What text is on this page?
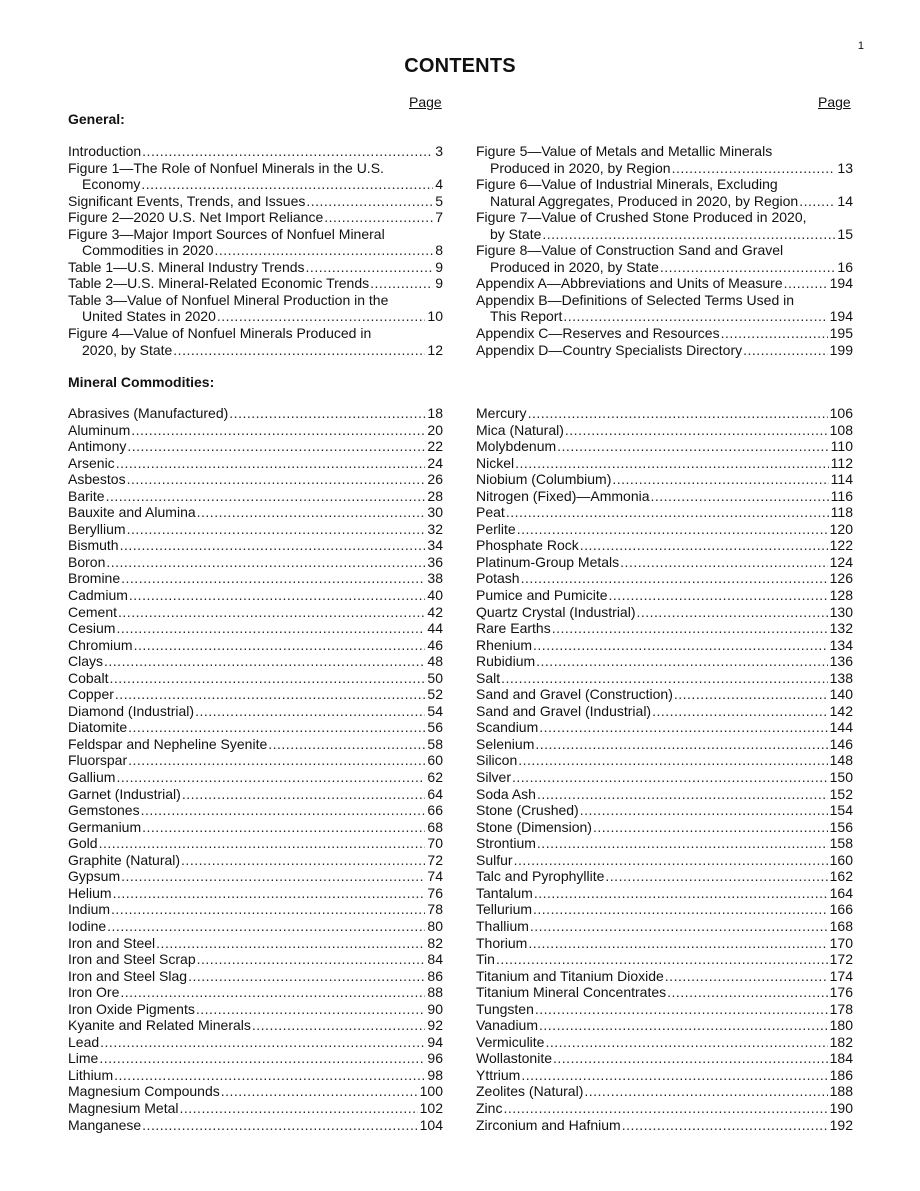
1
CONTENTS
Page	Page
General:
Introduction .....	3
Figure 1—The Role of Nonfuel Minerals in the U.S.
Economy .....	4
Significant Events, Trends, and Issues .....	5
Figure 2—2020 U.S. Net Import Reliance .....	7
Figure 3—Major Import Sources of Nonfuel Mineral
Commodities in 2020 .....	8
Table 1—U.S. Mineral Industry Trends .....	9
Table 2—U.S. Mineral-Related Economic Trends .....	9
Table 3—Value of Nonfuel Mineral Production in the
United States in 2020 .....	10
Figure 4—Value of Nonfuel Minerals Produced in
2020, by State .....	12
Figure 5—Value of Metals and Metallic Minerals
Produced in 2020, by Region .....	13
Figure 6—Value of Industrial Minerals, Excluding
Natural Aggregates, Produced in 2020, by Region .....	14
Figure 7—Value of Crushed Stone Produced in 2020,
by State .....	15
Figure 8—Value of Construction Sand and Gravel
Produced in 2020, by State .....	16
Appendix A—Abbreviations and Units of Measure .....	194
Appendix B—Definitions of Selected Terms Used in
This Report .....	194
Appendix C—Reserves and Resources .....	195
Appendix D—Country Specialists Directory .....	199
Mineral Commodities:
Abrasives (Manufactured) .....	18
Aluminum .....	20
Antimony .....	22
Arsenic .....	24
Asbestos .....	26
Barite .....	28
Bauxite and Alumina .....	30
Beryllium .....	32
Bismuth .....	34
Boron .....	36
Bromine .....	38
Cadmium .....	40
Cement .....	42
Cesium .....	44
Chromium .....	46
Clays .....	48
Cobalt .....	50
Copper .....	52
Diamond (Industrial) .....	54
Diatomite .....	56
Feldspar and Nepheline Syenite .....	58
Fluorspar .....	60
Gallium .....	62
Garnet (Industrial) .....	64
Gemstones .....	66
Germanium .....	68
Gold .....	70
Graphite (Natural) .....	72
Gypsum .....	74
Helium .....	76
Indium .....	78
Iodine .....	80
Iron and Steel .....	82
Iron and Steel Scrap .....	84
Iron and Steel Slag .....	86
Iron Ore .....	88
Iron Oxide Pigments .....	90
Kyanite and Related Minerals .....	92
Lead .....	94
Lime .....	96
Lithium .....	98
Magnesium Compounds .....	100
Magnesium Metal .....	102
Manganese .....	104
Mercury .....	106
Mica (Natural) .....	108
Molybdenum .....	110
Nickel .....	112
Niobium (Columbium) .....	114
Nitrogen (Fixed)—Ammonia .....	116
Peat .....	118
Perlite .....	120
Phosphate Rock .....	122
Platinum-Group Metals .....	124
Potash .....	126
Pumice and Pumicite .....	128
Quartz Crystal (Industrial) .....	130
Rare Earths .....	132
Rhenium .....	134
Rubidium .....	136
Salt .....	138
Sand and Gravel (Construction) .....	140
Sand and Gravel (Industrial) .....	142
Scandium .....	144
Selenium .....	146
Silicon .....	148
Silver .....	150
Soda Ash .....	152
Stone (Crushed) .....	154
Stone (Dimension) .....	156
Strontium .....	158
Sulfur .....	160
Talc and Pyrophyllite .....	162
Tantalum .....	164
Tellurium .....	166
Thallium .....	168
Thorium .....	170
Tin .....	172
Titanium and Titanium Dioxide .....	174
Titanium Mineral Concentrates .....	176
Tungsten .....	178
Vanadium .....	180
Vermiculite .....	182
Wollastonite .....	184
Yttrium .....	186
Zeolites (Natural) .....	188
Zinc .....	190
Zirconium and Hafnium .....	192
